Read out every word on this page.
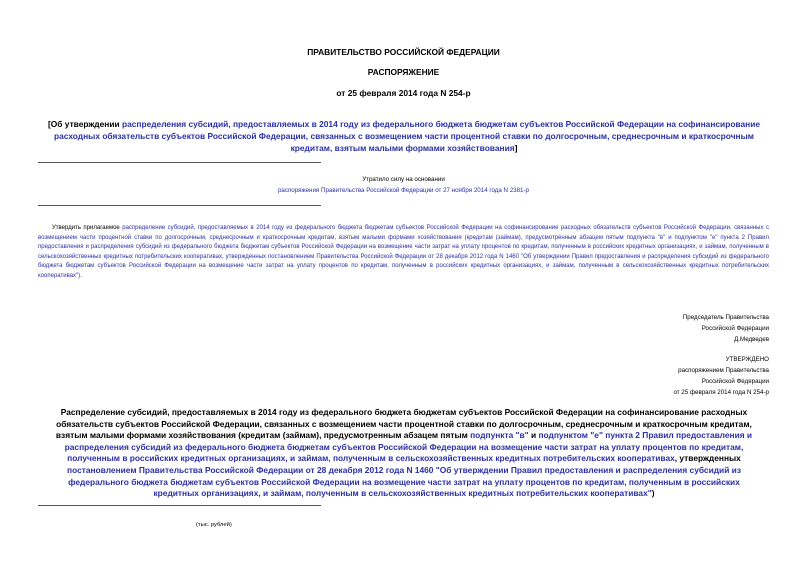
ПРАВИТЕЛЬСТВО РОССИЙСКОЙ ФЕДЕРАЦИИ
РАСПОРЯЖЕНИЕ
от 25 февраля 2014 года N 254-р
[Об утверждении распределения субсидий, предоставляемых в 2014 году из федерального бюджета бюджетам субъектов Российской Федерации на софинансирование расходных обязательств субъектов Российской Федерации, связанных с возмещением части процентной ставки по долгосрочным, среднесрочным и краткосрочным кредитам, взятым малыми формами хозяйствования]
Утратило силу на основании
распоряжения Правительства Российской Федерации от 27 ноября 2014 года N 2381-р
Утвердить прилагаемое распределение субсидий, предоставляемых в 2014 году из федерального бюджета бюджетам субъектов Российской Федерации на софинансирование расходных обязательств субъектов Российской Федерации, связанных с возмещением части процентной ставки по долгосрочным, среднесрочным и краткосрочным кредитам, взятым малыми формами хозяйствования (кредитам (займам), предусмотренным абзацем пятым подпункта "в" и подпунктом "е" пункта 2 Правил предоставления и распределения субсидий из федерального бюджета бюджетам субъектов Российской Федерации на возмещение части затрат на уплату процентов по кредитам, полученным в российских кредитных организациях, и займам, полученным в сельскохозяйственных кредитных потребительских кооперативах, утвержденных постановлением Правительства Российской Федерации от 28 декабря 2012 года N 1460 "Об утверждении Правил предоставления и распределения субсидий из федерального бюджета бюджетам субъектов Российской Федерации на возмещение части затрат на уплату процентов по кредитам, полученным в российских кредитных организациях, и займам, полученным в сельскохозяйственных кредитных потребительских кооперативах").
Председатель Правительства
Российской Федерации
Д.Медведев
УТВЕРЖДЕНО
распоряжением Правительства
Российской Федерации
от 25 февраля 2014 года N 254-р
Распределение субсидий, предоставляемых в 2014 году из федерального бюджета бюджетам субъектов Российской Федерации на софинансирование расходных обязательств субъектов Российской Федерации, связанных с возмещением части процентной ставки по долгосрочным, среднесрочным и краткосрочным кредитам, взятым малыми формами хозяйствования (кредитам (займам), предусмотренным абзацем пятым подпункта "в" и подпунктом "е" пункта 2 Правил предоставления и распределения субсидий из федерального бюджета бюджетам субъектов Российской Федерации на возмещение части затрат на уплату процентов по кредитам, полученным в российских кредитных организациях, и займам, полученным в сельскохозяйственных кредитных потребительских кооперативах, утвержденных постановлением Правительства Российской Федерации от 28 декабря 2012 года N 1460 "Об утверждении Правил предоставления и распределения субсидий из федерального бюджета бюджетам субъектов Российской Федерации на возмещение части затрат на уплату процентов по кредитам, полученным в российских кредитных организациях, и займам, полученным в сельскохозяйственных кредитных потребительских кооперативах")
(тыс. рублей)
